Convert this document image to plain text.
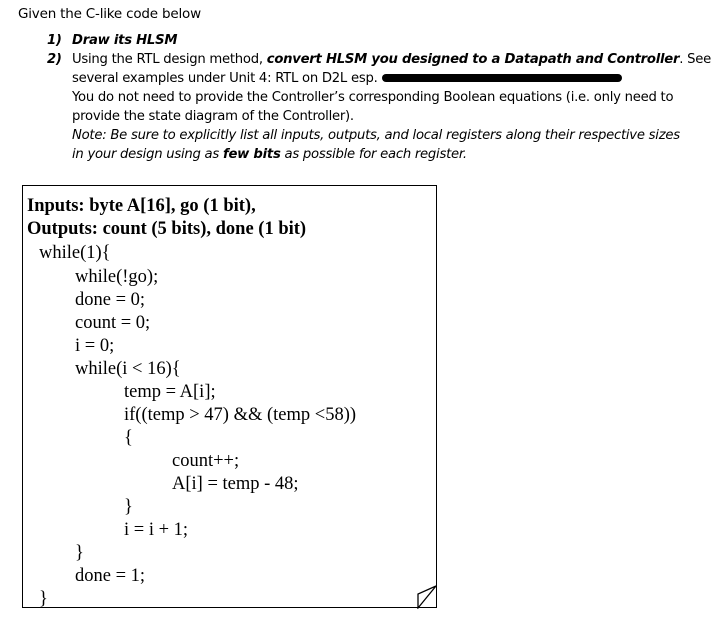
Given the C-like code below
1) Draw its HLSM
2) Using the RTL design method, convert HLSM you designed to a Datapath and Controller. See
several examples under Unit 4: RTL on D2L esp.
You do not need to provide the Controller’s corresponding Boolean equations (i.e. only need to
provide the state diagram of the Controller).
Note: Be sure to explicitly list all inputs, outputs, and local registers along their respective sizes
in your design using as few bits as possible for each register.
Inputs: byte A[16], go (1 bit),
Outputs: count (5 bits), done (1 bit)
while(1){
while(!go);
done = 0;
count = 0;
i = 0;
while(i < 16){
temp = A[i];
if((temp > 47) && (temp <58))
{
count++;
A[i] = temp - 48;
}
i = i + 1;
}
done = 1;
}
